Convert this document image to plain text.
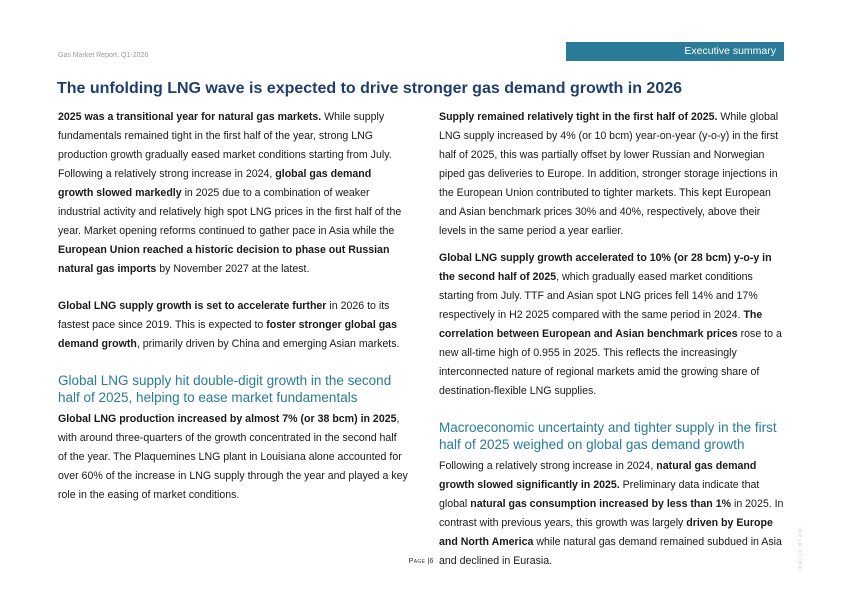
Gas Market Report, Q1-2026	Executive summary
The unfolding LNG wave is expected to drive stronger gas demand growth in 2026

2025 was a transitional year for natural gas markets. While supply fundamentals remained tight in the first half of the year, strong LNG production growth gradually eased market conditions starting from July. Following a relatively strong increase in 2024, global gas demand growth slowed markedly in 2025 due to a combination of weaker industrial activity and relatively high spot LNG prices in the first half of the year. Market opening reforms continued to gather pace in Asia while the European Union reached a historic decision to phase out Russian natural gas imports by November 2027 at the latest.

Global LNG supply growth is set to accelerate further in 2026 to its fastest pace since 2019. This is expected to foster stronger global gas demand growth, primarily driven by China and emerging Asian markets.

Global LNG supply hit double-digit growth in the second half of 2025, helping to ease market fundamentals

Global LNG production increased by almost 7% (or 38 bcm) in 2025, with around three-quarters of the growth concentrated in the second half of the year. The Plaquemines LNG plant in Louisiana alone accounted for over 60% of the increase in LNG supply through the year and played a key role in the easing of market conditions.

Supply remained relatively tight in the first half of 2025. While global LNG supply increased by 4% (or 10 bcm) year-on-year (y-o-y) in the first half of 2025, this was partially offset by lower Russian and Norwegian piped gas deliveries to Europe. In addition, stronger storage injections in the European Union contributed to tighter markets. This kept European and Asian benchmark prices 30% and 40%, respectively, above their levels in the same period a year earlier.

Global LNG supply growth accelerated to 10% (or 28 bcm) y-o-y in the second half of 2025, which gradually eased market conditions starting from July. TTF and Asian spot LNG prices fell 14% and 17% respectively in H2 2025 compared with the same period in 2024. The correlation between European and Asian benchmark prices rose to a new all-time high of 0.955 in 2025. This reflects the increasingly interconnected nature of regional markets amid the growing share of destination-flexible LNG supplies.

Macroeconomic uncertainty and tighter supply in the first half of 2025 weighed on global gas demand growth

Following a relatively strong increase in 2024, natural gas demand growth slowed significantly in 2025. Preliminary data indicate that global natural gas consumption increased by less than 1% in 2025. In contrast with previous years, this growth was largely driven by Europe and North America while natural gas demand remained subdued in Asia and declined in Eurasia.

Page |6	IEA. CC BY 4.0.
